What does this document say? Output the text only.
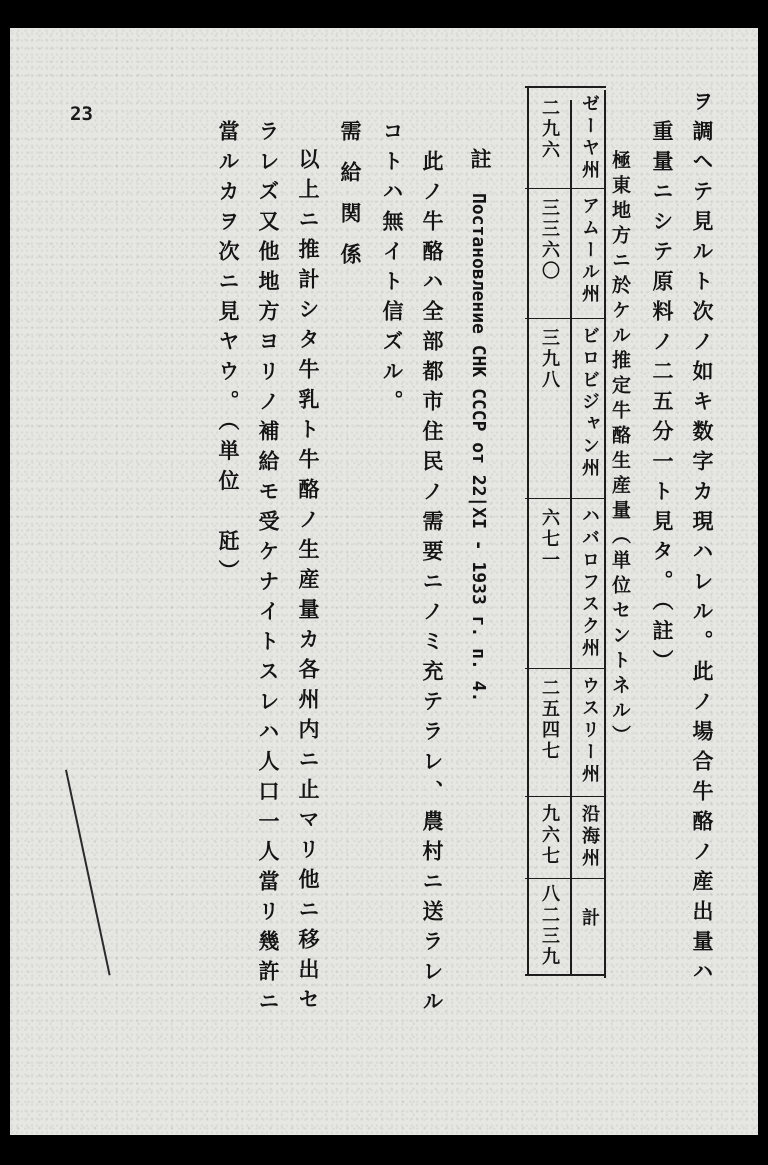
23	ヲ調ヘテ見ルト次ノ如キ数字カ現ハレル。此ノ場合牛酪ノ産出量ハ
重量ニシテ原料ノ二五分一ト見タ。（註）
極東地方ニ於ケル推定牛酪生産量（単位セントネル）
ゼーヤ州
アムール州
ビロビジャン州
ハバロフスク州
ウスリー州
沿海州
計
二九六
三三六〇
三九八
六七一
二五四七
九六七
八二三九
註
Постановление СНК СССР от 22|XI - 1933 г. п. 4.
此ノ牛酪ハ全部都市住民ノ需要ニノミ充テラレ、農村ニ送ラレル
コトハ無イト信ズル。
需給関係
以上ニ推計シタ牛乳ト牛酪ノ生産量カ各州内ニ止マリ他ニ移出セ
ラレズ又他地方ヨリノ補給モ受ケナイトスレハ人口一人當リ幾許ニ
當ルカヲ次ニ見ヤウ。（単位　瓩）
